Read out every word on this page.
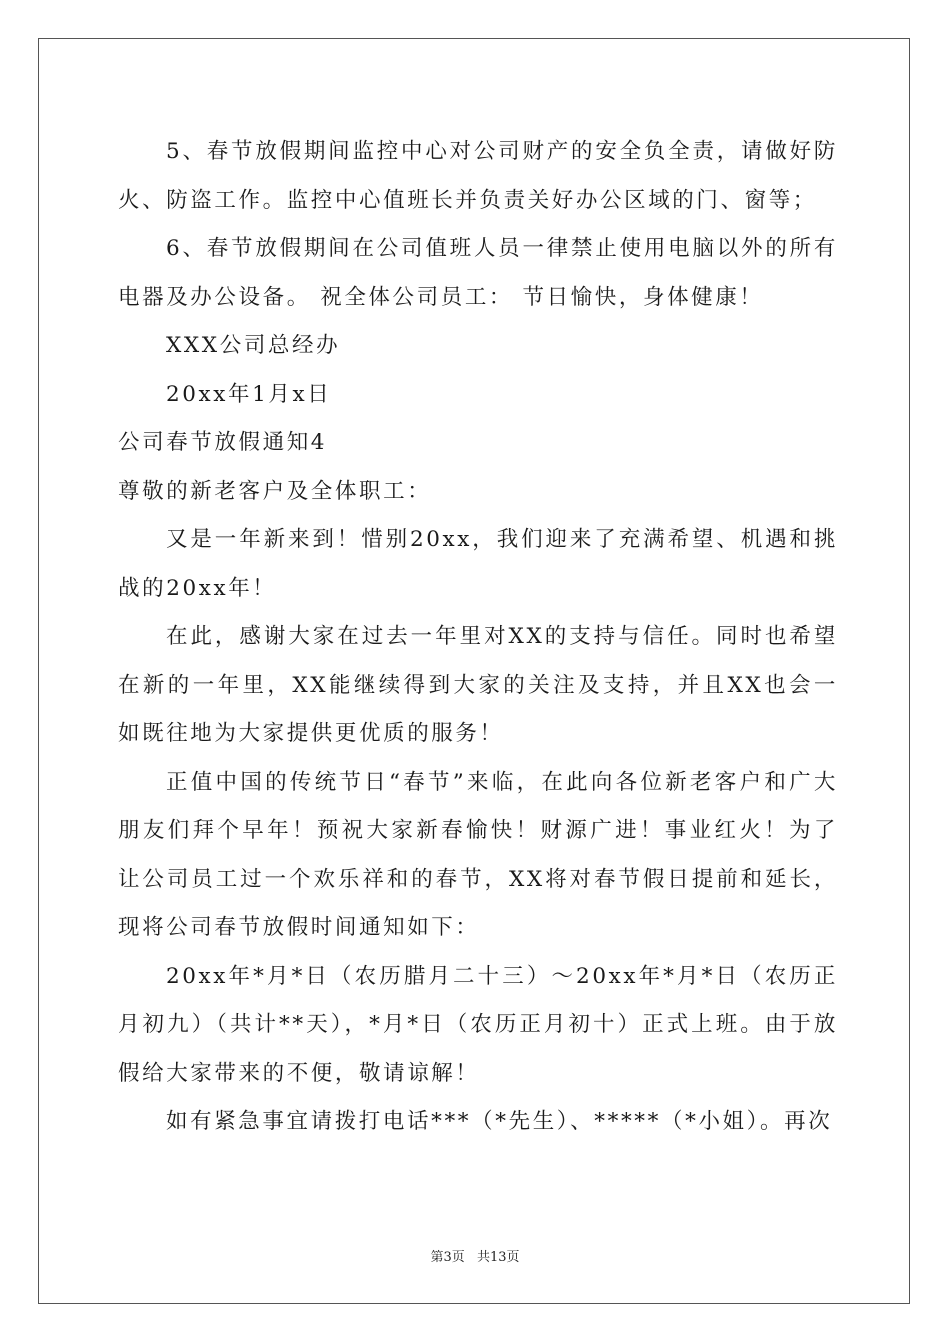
5、春节放假期间监控中心对公司财产的安全负全责，请做好防火、防盗工作。监控中心值班长并负责关好办公区域的门、窗等；

6、春节放假期间在公司值班人员一律禁止使用电脑以外的所有电器及办公设备。 祝全体公司员工： 节日愉快，身体健康！

XXX公司总经办

20xx年1月x日

公司春节放假通知4

尊敬的新老客户及全体职工：

又是一年新来到！惜别20xx，我们迎来了充满希望、机遇和挑战的20xx年！

在此，感谢大家在过去一年里对XX的支持与信任。同时也希望在新的一年里，XX能继续得到大家的关注及支持，并且XX也会一如既往地为大家提供更优质的服务！

正值中国的传统节日“春节”来临，在此向各位新老客户和广大朋友们拜个早年！预祝大家新春愉快！财源广进！事业红火！为了让公司员工过一个欢乐祥和的春节，XX将对春节假日提前和延长，现将公司春节放假时间通知如下：

20xx年*月*日（农历腊月二十三）～20xx年*月*日（农历正月初九）（共计**天），*月*日（农历正月初十）正式上班。由于放假给大家带来的不便，敬请谅解！

如有紧急事宜请拨打电话***（*先生）、*****（*小姐）。再次

第3页 共13页
